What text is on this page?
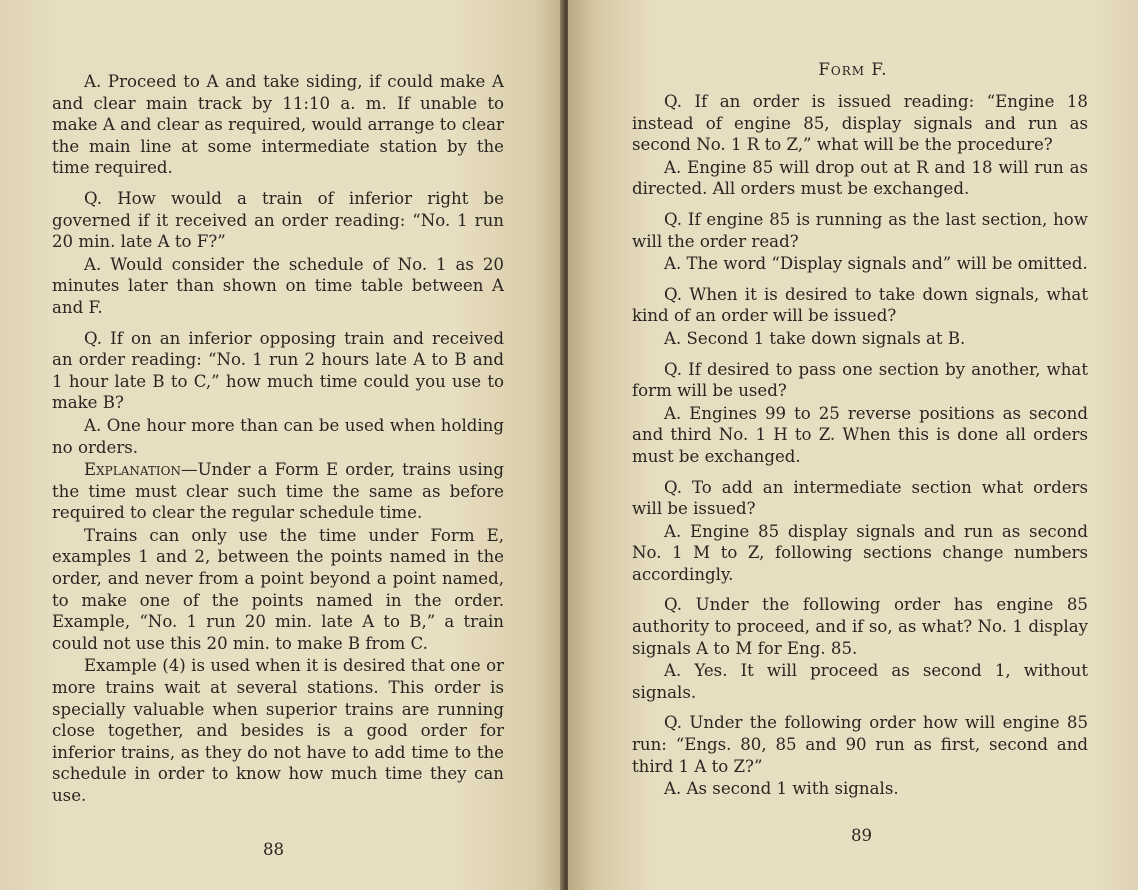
A. Proceed to A and take siding, if could make A and clear main track by 11:10 a. m. If unable to make A and clear as required, would arrange to clear the main line at some intermediate station by the time required.

Q. How would a train of inferior right be governed if it received an order reading: “No. 1 run 20 min. late A to F?”

A. Would consider the schedule of No. 1 as 20 minutes later than shown on time table between A and F.

Q. If on an inferior opposing train and received an order reading: “No. 1 run 2 hours late A to B and 1 hour late B to C,” how much time could you use to make B?

A. One hour more than can be used when holding no orders.

Explanation—Under a Form E order, trains using the time must clear such time the same as before required to clear the regular schedule time.

Trains can only use the time under Form E, examples 1 and 2, between the points named in the order, and never from a point beyond a point named, to make one of the points named in the order. Example, “No. 1 run 20 min. late A to B,” a train could not use this 20 min. to make B from C.

Example (4) is used when it is desired that one or more trains wait at several stations. This order is specially valuable when superior trains are running close together, and besides is a good order for inferior trains, as they do not have to add time to the schedule in order to know how much time they can use.

88
Form F.

Q. If an order is issued reading: “Engine 18 instead of engine 85, display signals and run as second No. 1 R to Z,” what will be the procedure?

A. Engine 85 will drop out at R and 18 will run as directed. All orders must be exchanged.

Q. If engine 85 is running as the last section, how will the order read?

A. The word “Display signals and” will be omitted.

Q. When it is desired to take down signals, what kind of an order will be issued?

A. Second 1 take down signals at B.

Q. If desired to pass one section by another, what form will be used?

A. Engines 99 to 25 reverse positions as second and third No. 1 H to Z. When this is done all orders must be exchanged.

Q. To add an intermediate section what orders will be issued?

A. Engine 85 display signals and run as second No. 1 M to Z, following sections change numbers accordingly.

Q. Under the following order has engine 85 authority to proceed, and if so, as what? No. 1 display signals A to M for Eng. 85.

A. Yes. It will proceed as second 1, without signals.

Q. Under the following order how will engine 85 run: “Engs. 80, 85 and 90 run as first, second and third 1 A to Z?”

A. As second 1 with signals.

89
